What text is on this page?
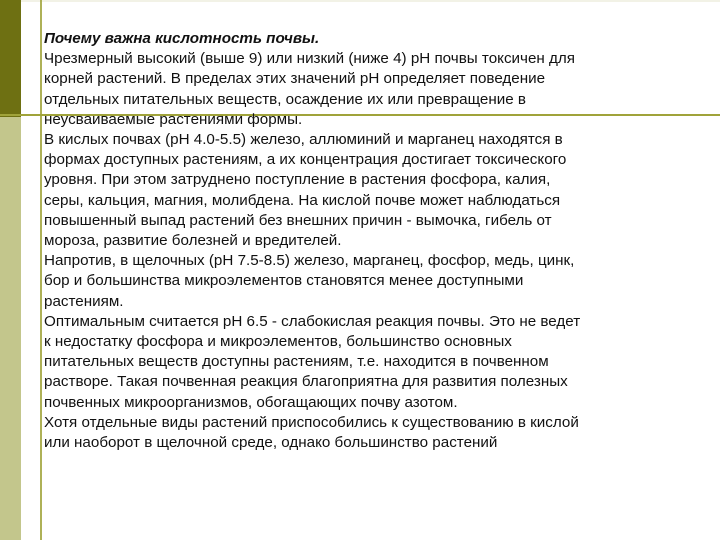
Почему важна кислотность почвы.

Чрезмерный высокий (выше 9) или низкий (ниже 4) рН почвы токсичен для

корней растений. В пределах этих значений рН определяет поведение

отдельных питательных веществ, осаждение их или превращение в

неусваиваемые растениями формы.

В кислых почвах (рН 4.0-5.5) железо, аллюминий и марганец находятся в

формах доступных растениям, а их концентрация достигает токсического

уровня. При этом затруднено поступление в растения фосфора, калия,

серы, кальция, магния, молибдена. На кислой почве может наблюдаться

повышенный выпад растений без внешних причин - вымочка, гибель от

мороза, развитие болезней и вредителей.

Напротив, в щелочных (рН 7.5-8.5) железо, марганец, фосфор, медь, цинк,

бор и большинства микроэлементов становятся менее доступными

растениям.

Оптимальным считается рН 6.5 - слабокислая реакция почвы. Это не ведет

к недостатку фосфора и микроэлементов, большинство основных

питательных веществ доступны растениям, т.е. находится в почвенном

растворе. Такая почвенная реакция благоприятна для развития полезных

почвенных микроорганизмов, обогащающих почву азотом.

Хотя отдельные виды растений приспособились к существованию в кислой

или наоборот в щелочной среде, однако большинство растений
